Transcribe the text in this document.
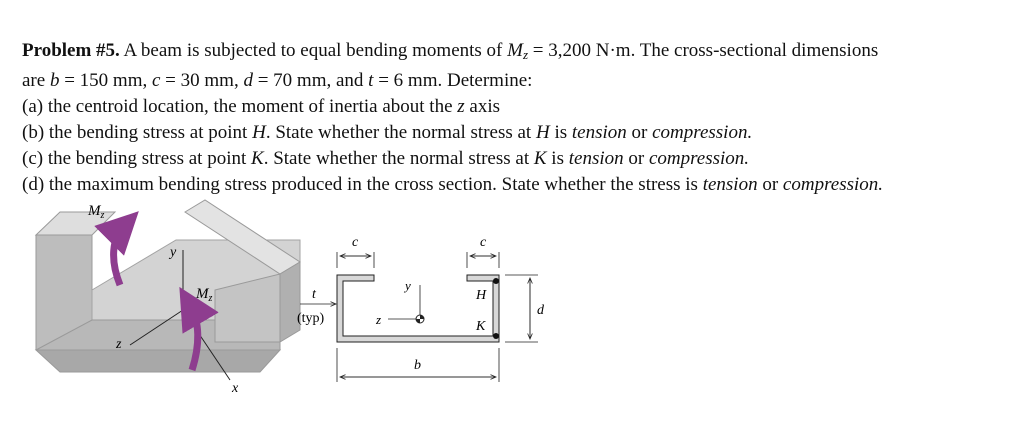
Problem #5. A beam is subjected to equal bending moments of Mz = 3,200 N·m. The cross-sectional dimensions

are b = 150 mm, c = 30 mm, d = 70 mm, and t = 6 mm. Determine:

(a) the centroid location, the moment of inertia about the z axis

(b) the bending stress at point H. State whether the normal stress at H is tension or compression.

(c) the bending stress at point K. State whether the normal stress at K is tension or compression.

(d) the maximum bending stress produced in the cross section. State whether the stress is tension or compression.

y
z
x
$M_z$
$M_z$
c	c
b
d
t
(typ)
y
z
H
K
